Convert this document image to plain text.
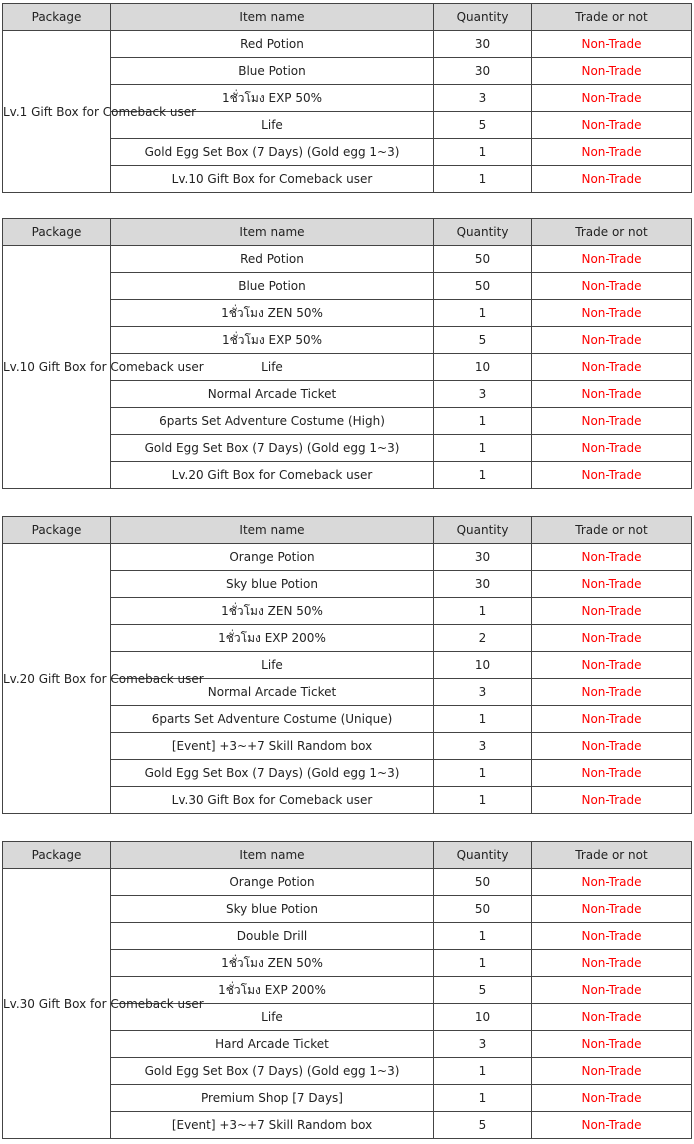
Package	Item name	Quantity	Trade or not
Lv.1 Gift Box for Comeback user	Red Potion	30	Non-Trade
	Blue Potion	30	Non-Trade
	1ชั่วโมง EXP 50%	3	Non-Trade
	Life	5	Non-Trade
	Gold Egg Set Box (7 Days) (Gold egg 1~3)	1	Non-Trade
	Lv.10 Gift Box for Comeback user	1	Non-Trade
Package	Item name	Quantity	Trade or not
Lv.10 Gift Box for Comeback user	Red Potion	50	Non-Trade
	Blue Potion	50	Non-Trade
	1ชั่วโมง ZEN 50%	1	Non-Trade
	1ชั่วโมง EXP 50%	5	Non-Trade
	Life	10	Non-Trade
	Normal Arcade Ticket	3	Non-Trade
	6parts Set Adventure Costume (High)	1	Non-Trade
	Gold Egg Set Box (7 Days) (Gold egg 1~3)	1	Non-Trade
	Lv.20 Gift Box for Comeback user	1	Non-Trade
Package	Item name	Quantity	Trade or not
Lv.20 Gift Box for Comeback user	Orange Potion	30	Non-Trade
	Sky blue Potion	30	Non-Trade
	1ชั่วโมง ZEN 50%	1	Non-Trade
	1ชั่วโมง EXP 200%	2	Non-Trade
	Life	10	Non-Trade
	Normal Arcade Ticket	3	Non-Trade
	6parts Set Adventure Costume (Unique)	1	Non-Trade
	[Event] +3~+7 Skill Random box	3	Non-Trade
	Gold Egg Set Box (7 Days) (Gold egg 1~3)	1	Non-Trade
	Lv.30 Gift Box for Comeback user	1	Non-Trade
Package	Item name	Quantity	Trade or not
Lv.30 Gift Box for Comeback user	Orange Potion	50	Non-Trade
	Sky blue Potion	50	Non-Trade
	Double Drill	1	Non-Trade
	1ชั่วโมง ZEN 50%	1	Non-Trade
	1ชั่วโมง EXP 200%	5	Non-Trade
	Life	10	Non-Trade
	Hard Arcade Ticket	3	Non-Trade
	Gold Egg Set Box (7 Days) (Gold egg 1~3)	1	Non-Trade
	Premium Shop [7 Days]	1	Non-Trade
	[Event] +3~+7 Skill Random box	5	Non-Trade
